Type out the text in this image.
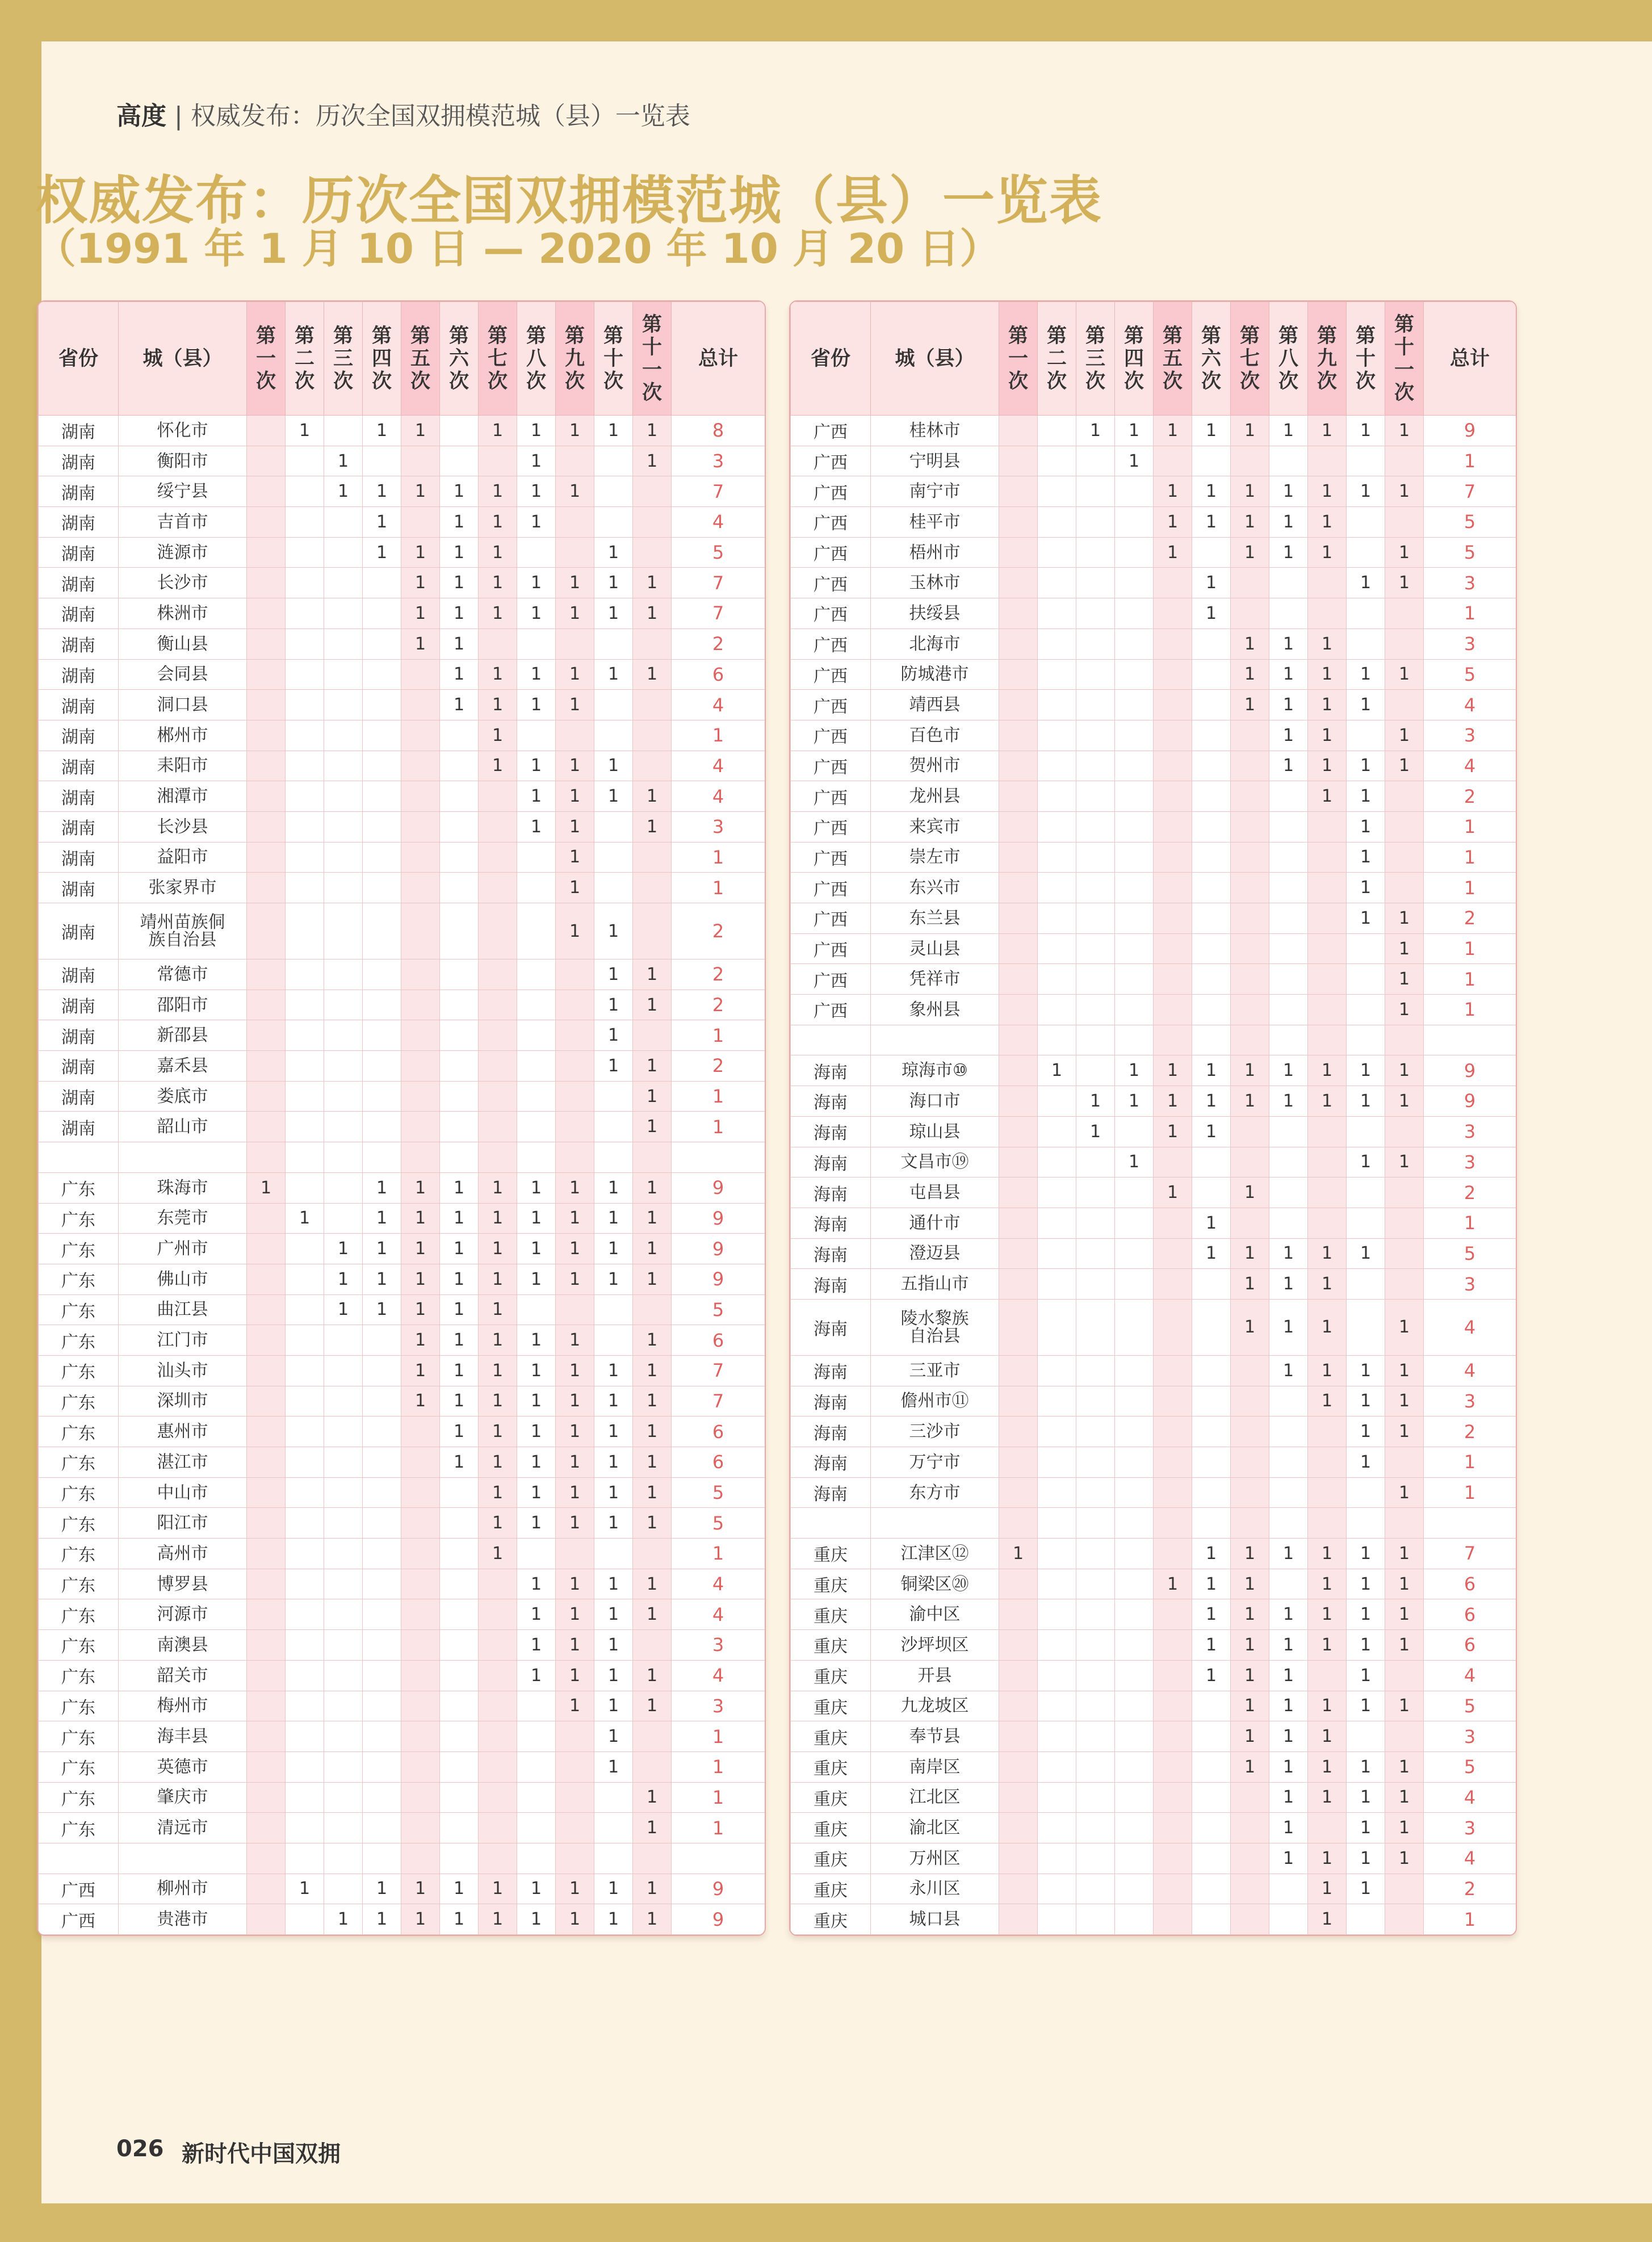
高度 | 权威发布：历次全国双拥模范城（县）一览表
权威发布：历次全国双拥模范城（县）一览表
（1991 年 1 月 10 日 — 2020 年 10 月 20 日）
省份	城（县）	第
一
次	第
二
次	第
三
次	第
四
次	第
五
次	第
六
次	第
七
次	第
八
次	第
九
次	第
十
次	第
十一
次	总计
湖南	怀化市		1		1	1		1	1	1	1	1	8
湖南	衡阳市			1					1			1	3
湖南	绥宁县			1	1	1	1	1	1	1			7
湖南	吉首市				1		1	1	1				4
湖南	涟源市				1	1	1	1			1		5
湖南	长沙市					1	1	1	1	1	1	1	7
湖南	株洲市					1	1	1	1	1	1	1	7
湖南	衡山县					1	1						2
湖南	会同县						1	1	1	1	1	1	6
湖南	洞口县						1	1	1	1			4
湖南	郴州市							1					1
湖南	耒阳市							1	1	1	1		4
湖南	湘潭市								1	1	1	1	4
湖南	长沙县								1	1		1	3
湖南	益阳市									1			1
湖南	张家界市									1			1
湖南	靖州苗族侗
族自治县									1	1		2
湖南	常德市										1	1	2
湖南	邵阳市										1	1	2
湖南	新邵县										1		1
湖南	嘉禾县										1	1	2
湖南	娄底市											1	1
湖南	韶山市											1	1

广东	珠海市	1			1	1	1	1	1	1	1	1	9
广东	东莞市		1		1	1	1	1	1	1	1	1	9
广东	广州市			1	1	1	1	1	1	1	1	1	9
广东	佛山市			1	1	1	1	1	1	1	1	1	9
广东	曲江县			1	1	1	1	1					5
广东	江门市					1	1	1	1	1		1	6
广东	汕头市					1	1	1	1	1	1	1	7
广东	深圳市					1	1	1	1	1	1	1	7
广东	惠州市						1	1	1	1	1	1	6
广东	湛江市						1	1	1	1	1	1	6
广东	中山市							1	1	1	1	1	5
广东	阳江市							1	1	1	1	1	5
广东	高州市							1					1
广东	博罗县								1	1	1	1	4
广东	河源市								1	1	1	1	4
广东	南澳县								1	1	1		3
广东	韶关市								1	1	1	1	4
广东	梅州市									1	1	1	3
广东	海丰县										1		1
广东	英德市										1		1
广东	肇庆市											1	1
广东	清远市											1	1

广西	柳州市		1		1	1	1	1	1	1	1	1	9
广西	贵港市			1	1	1	1	1	1	1	1	1	9
省份	城（县）	第
一
次	第
二
次	第
三
次	第
四
次	第
五
次	第
六
次	第
七
次	第
八
次	第
九
次	第
十
次	第
十一
次	总计
广西	桂林市			1	1	1	1	1	1	1	1	1	9
广西	宁明县				1								1
广西	南宁市					1	1	1	1	1	1	1	7
广西	桂平市					1	1	1	1	1			5
广西	梧州市					1		1	1	1		1	5
广西	玉林市						1				1	1	3
广西	扶绥县						1						1
广西	北海市							1	1	1			3
广西	防城港市							1	1	1	1	1	5
广西	靖西县							1	1	1	1		4
广西	百色市								1	1		1	3
广西	贺州市								1	1	1	1	4
广西	龙州县									1	1		2
广西	来宾市										1		1
广西	崇左市										1		1
广西	东兴市										1		1
广西	东兰县										1	1	2
广西	灵山县											1	1
广西	凭祥市											1	1
广西	象州县											1	1

海南	琼海市⑩		1		1	1	1	1	1	1	1	1	9
海南	海口市			1	1	1	1	1	1	1	1	1	9
海南	琼山县			1		1	1						3
海南	文昌市⑲				1						1	1	3
海南	屯昌县					1		1					2
海南	通什市						1						1
海南	澄迈县						1	1	1	1	1		5
海南	五指山市							1	1	1			3
海南	陵水黎族
自治县							1	1	1		1	4
海南	三亚市								1	1	1	1	4
海南	儋州市⑪									1	1	1	3
海南	三沙市										1	1	2
海南	万宁市										1		1
海南	东方市											1	1

重庆	江津区⑫	1					1	1	1	1	1	1	7
重庆	铜梁区⑳					1	1	1		1	1	1	6
重庆	渝中区						1	1	1	1	1	1	6
重庆	沙坪坝区						1	1	1	1	1	1	6
重庆	开县						1	1	1		1		4
重庆	九龙坡区							1	1	1	1	1	5
重庆	奉节县							1	1	1			3
重庆	南岸区							1	1	1	1	1	5
重庆	江北区								1	1	1	1	4
重庆	渝北区								1		1	1	3
重庆	万州区								1	1	1	1	4
重庆	永川区									1	1		2
重庆	城口县									1			1
026 新时代中国双拥
